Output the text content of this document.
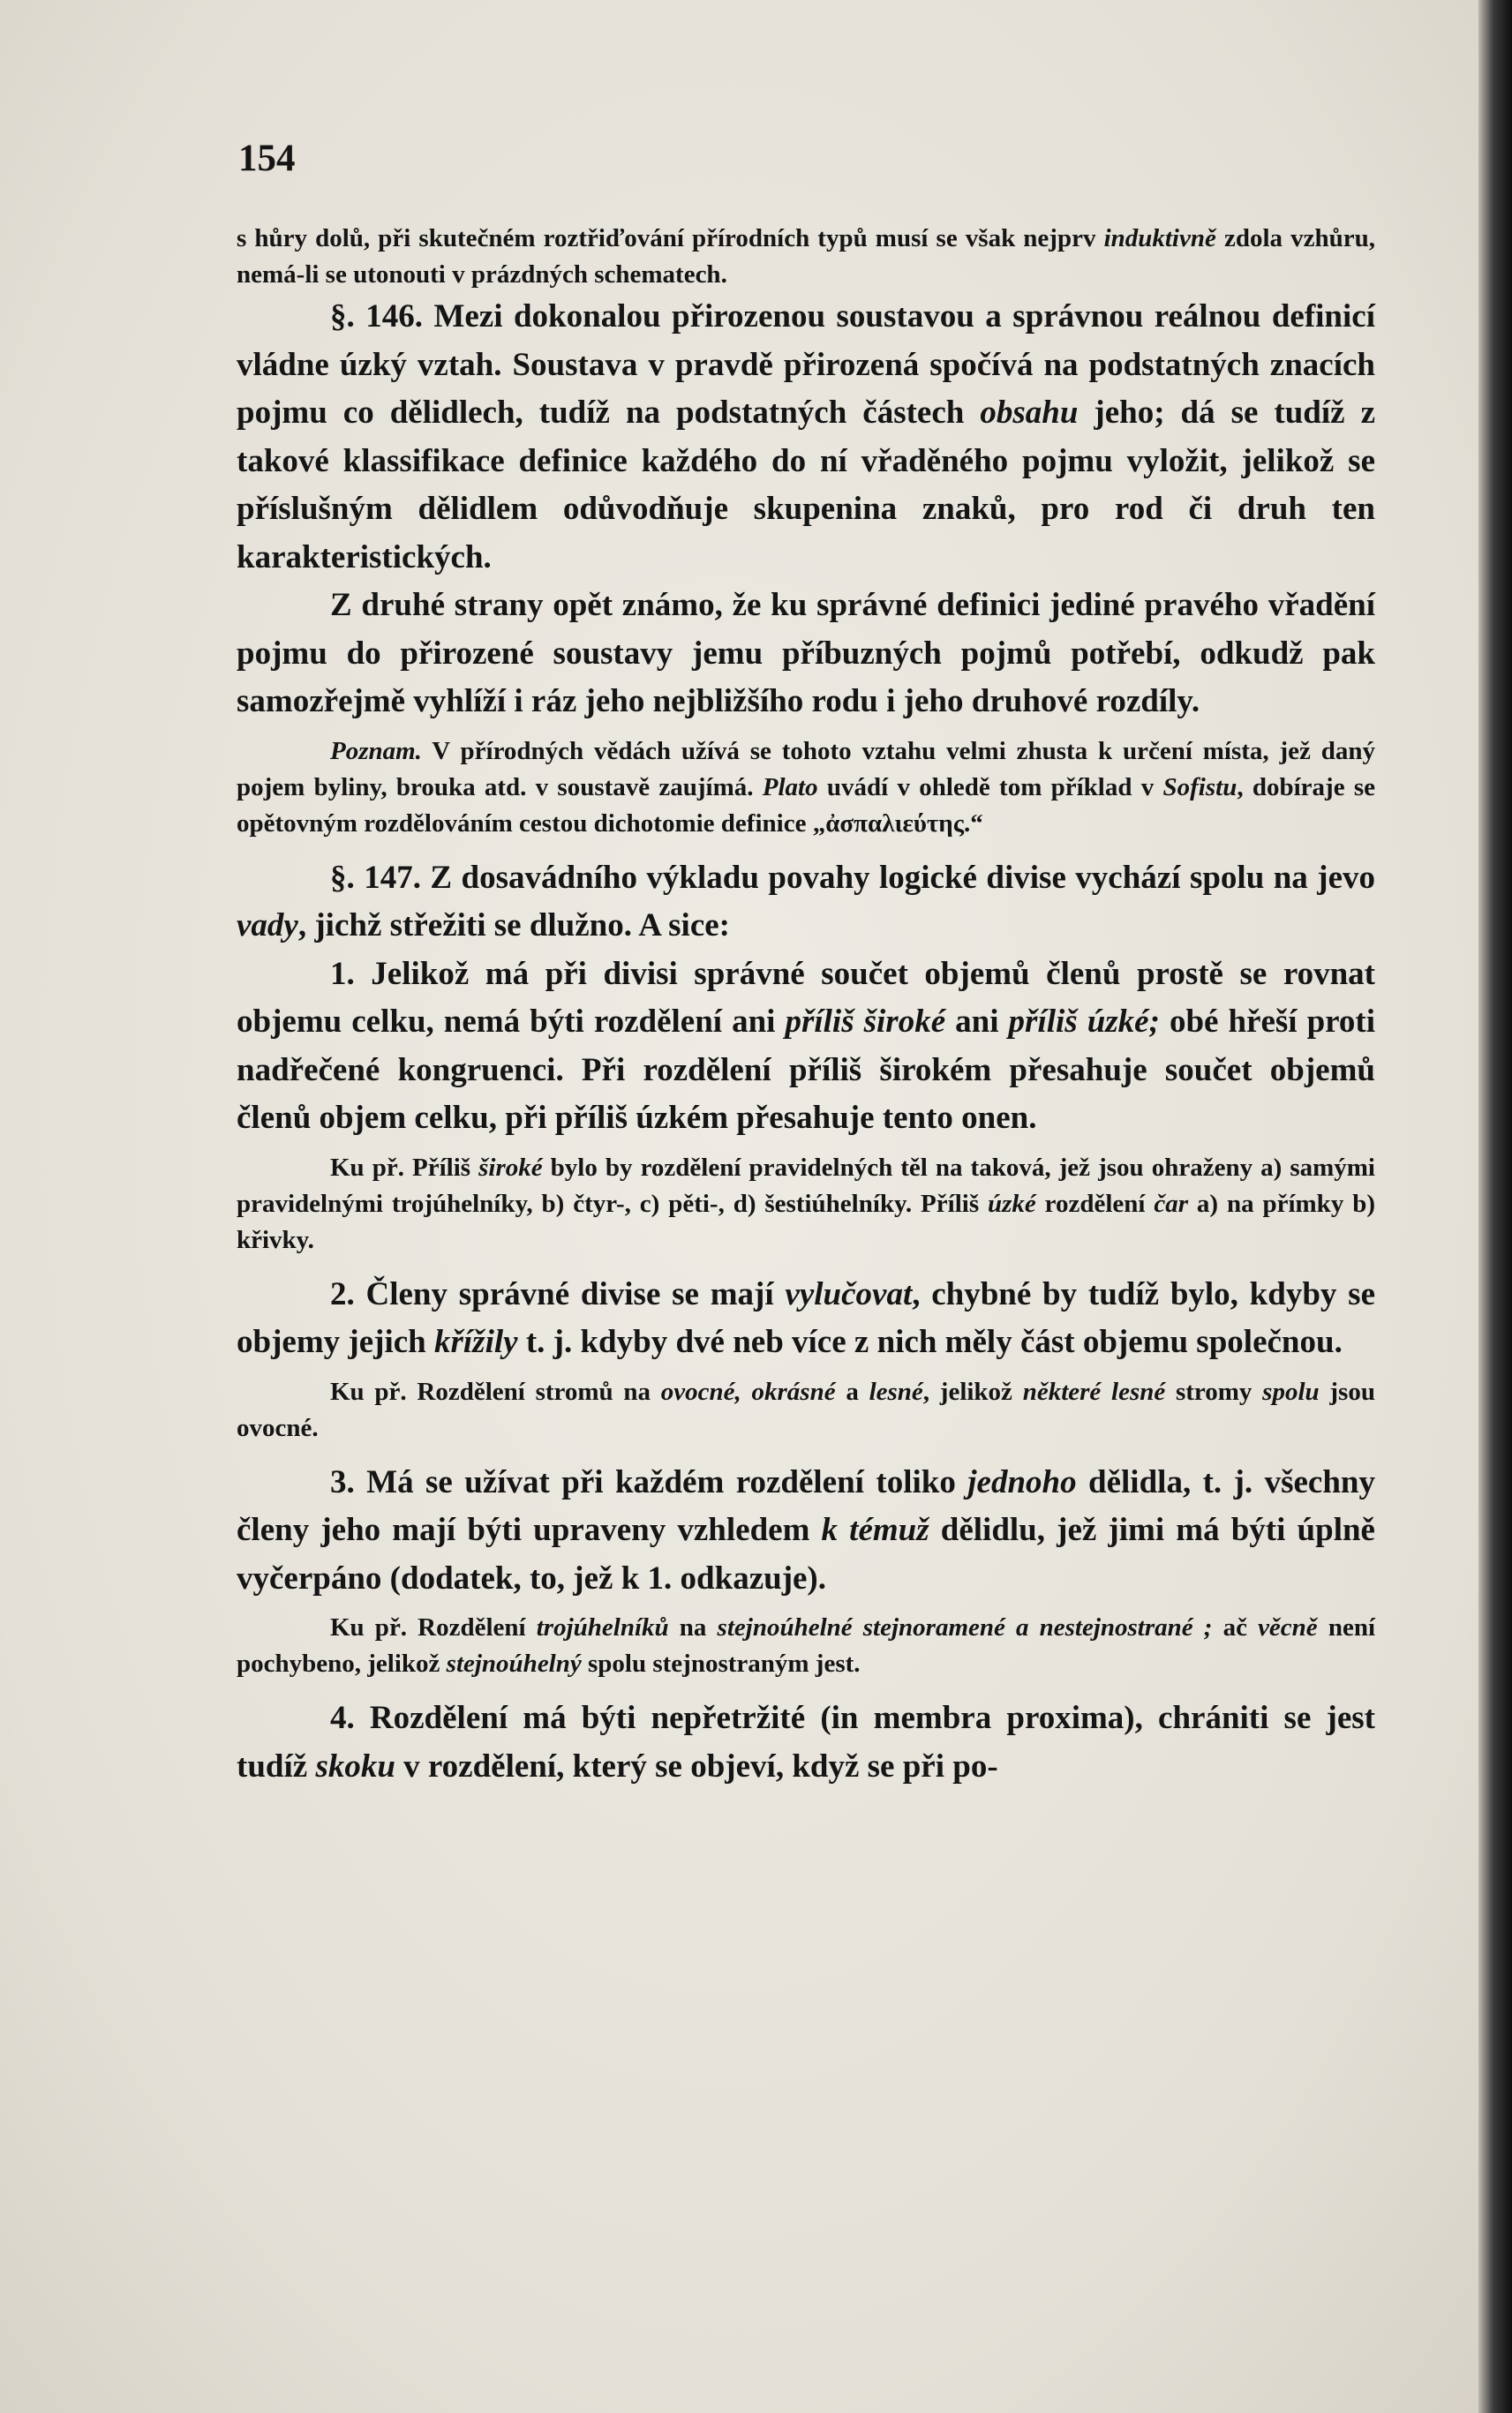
154

s hůry dolů, při skutečném roztřiďování přírodních typů musí se však nejprv induktivně zdola vzhůru, nemá-li se utonouti v prázdných schematech.

§. 146. Mezi dokonalou přirozenou soustavou a správnou reálnou definicí vládne úzký vztah. Soustava v pravdě přirozená spočívá na podstatných znacích pojmu co dělidlech, tudíž na podstatných částech obsahu jeho; dá se tudíž z takové klassifikace definice každého do ní vřaděného pojmu vyložit, jelikož se příslušným dělidlem odůvodňuje skupenina znaků, pro rod či druh ten karakteristických.

Z druhé strany opět známo, že ku správné definici jediné pravého vřadění pojmu do přirozené soustavy jemu příbuzných pojmů potřebí, odkudž pak samozřejmě vyhlíží i ráz jeho nejbližšího rodu i jeho druhové rozdíly.

Poznam. V přírodných vědách užívá se tohoto vztahu velmi zhusta k určení místa, jež daný pojem byliny, brouka atd. v soustavě zaujímá. Plato uvádí v ohledě tom příklad v Sofistu, dobíraje se opětovným rozdělováním cestou dichotomie definice „ἀσπαλιεύτης.“

§. 147. Z dosavádního výkladu povahy logické divise vychází spolu na jevo vady, jichž střežiti se dlužno. A sice:

1. Jelikož má při divisi správné součet objemů členů prostě se rovnat objemu celku, nemá býti rozdělení ani příliš široké ani příliš úzké; obé hřeší proti nadřečené kongruenci. Při rozdělení příliš širokém přesahuje součet objemů členů objem celku, při příliš úzkém přesahuje tento onen.

Ku př. Příliš široké bylo by rozdělení pravidelných těl na taková, jež jsou ohraženy a) samými pravidelnými trojúhelníky, b) čtyr-, c) pěti-, d) šestiúhelníky. Příliš úzké rozdělení čar a) na přímky b) křivky.

2. Členy správné divise se mají vylučovat, chybné by tudíž bylo, kdyby se objemy jejich křížily t. j. kdyby dvé neb více z nich měly část objemu společnou.

Ku př. Rozdělení stromů na ovocné, okrásné a lesné, jelikož některé lesné stromy spolu jsou ovocné.

3. Má se užívat při každém rozdělení toliko jednoho dělidla, t. j. všechny členy jeho mají býti upraveny vzhledem k témuž dělidlu, jež jimi má býti úplně vyčerpáno (dodatek, to, jež k 1. odkazuje).

Ku př. Rozdělení trojúhelníků na stejnoúhelné stejnoramené a nestejnostrané ; ač věcně není pochybeno, jelikož stejnoúhelný spolu stejnostraným jest.

4. Rozdělení má býti nepřetržité (in membra proxima), chrániti se jest tudíž skoku v rozdělení, který se objeví, když se při po-
